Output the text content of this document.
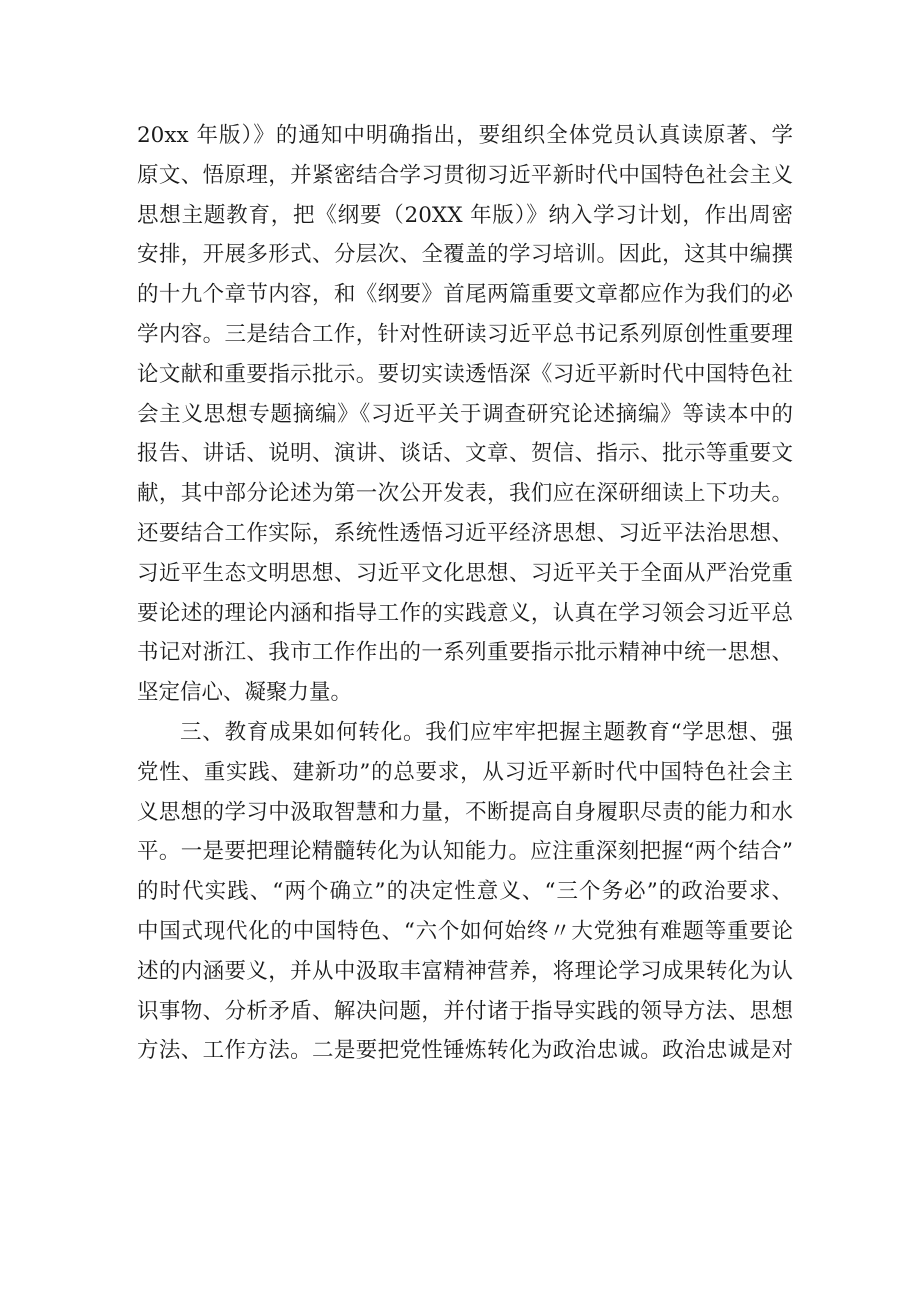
20xx 年版）》的通知中明确指出，要组织全体党员认真读原著、学
原文、悟原理，并紧密结合学习贯彻习近平新时代中国特色社会主义
思想主题教育，把《纲要（20XX 年版）》纳入学习计划，作出周密
安排，开展多形式、分层次、全覆盖的学习培训。因此，这其中编撰
的十九个章节内容，和《纲要》首尾两篇重要文章都应作为我们的必
学内容。三是结合工作，针对性研读习近平总书记系列原创性重要理
论文献和重要指示批示。要切实读透悟深《习近平新时代中国特色社
会主义思想专题摘编》《习近平关于调查研究论述摘编》等读本中的
报告、讲话、说明、演讲、谈话、文章、贺信、指示、批示等重要文
献，其中部分论述为第一次公开发表，我们应在深研细读上下功夫。
还要结合工作实际，系统性透悟习近平经济思想、习近平法治思想、
习近平生态文明思想、习近平文化思想、习近平关于全面从严治党重
要论述的理论内涵和指导工作的实践意义，认真在学习领会习近平总
书记对浙江、我市工作作出的一系列重要指示批示精神中统一思想、
坚定信心、凝聚力量。
三、教育成果如何转化。我们应牢牢把握主题教育“学思想、强
党性、重实践、建新功”的总要求，从习近平新时代中国特色社会主
义思想的学习中汲取智慧和力量，不断提高自身履职尽责的能力和水
平。一是要把理论精髓转化为认知能力。应注重深刻把握“两个结合”
的时代实践、“两个确立”的决定性意义、“三个务必”的政治要求、
中国式现代化的中国特色、“六个如何始终〃大党独有难题等重要论
述的内涵要义，并从中汲取丰富精神营养，将理论学习成果转化为认
识事物、分析矛盾、解决问题，并付诸于指导实践的领导方法、思想
方法、工作方法。二是要把党性锤炼转化为政治忠诚。政治忠诚是对
